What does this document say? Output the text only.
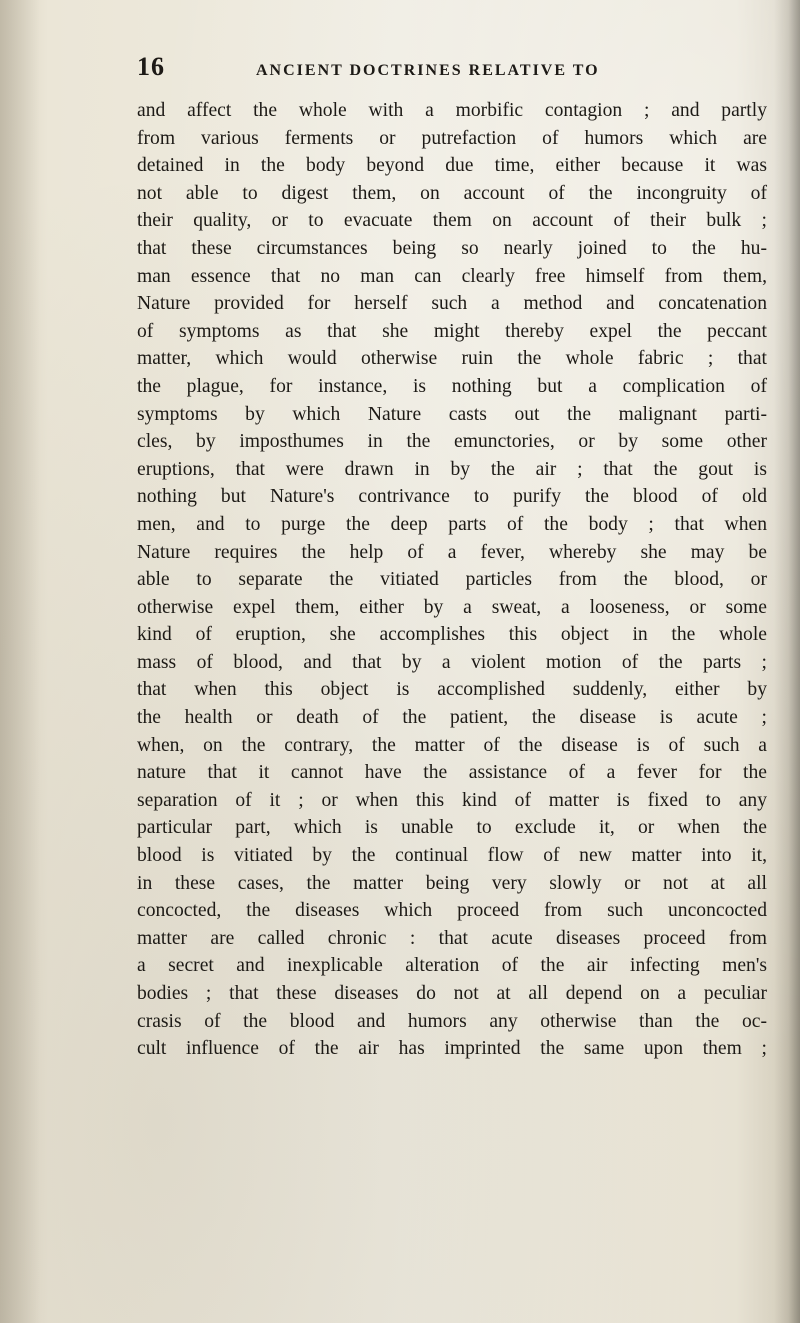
16	ANCIENT DOCTRINES RELATIVE TO
and affect the whole with a morbific contagion ; and partly
from various ferments or putrefaction of humors which are
detained in the body beyond due time, either because it was
not able to digest them, on account of the incongruity of
their quality, or to evacuate them on account of their bulk ;
that these circumstances being so nearly joined to the hu-
man essence that no man can clearly free himself from them,
Nature provided for herself such a method and concatenation
of symptoms as that she might thereby expel the peccant
matter, which would otherwise ruin the whole fabric ; that
the plague, for instance, is nothing but a complication of
symptoms by which Nature casts out the malignant parti-
cles, by imposthumes in the emunctories, or by some other
eruptions, that were drawn in by the air ; that the gout is
nothing but Nature's contrivance to purify the blood of old
men, and to purge the deep parts of the body ; that when
Nature requires the help of a fever, whereby she may be
able to separate the vitiated particles from the blood, or
otherwise expel them, either by a sweat, a looseness, or some
kind of eruption, she accomplishes this object in the whole
mass of blood, and that by a violent motion of the parts ;
that when this object is accomplished suddenly, either by
the health or death of the patient, the disease is acute ;
when, on the contrary, the matter of the disease is of such a
nature that it cannot have the assistance of a fever for the
separation of it ; or when this kind of matter is fixed to any
particular part, which is unable to exclude it, or when the
blood is vitiated by the continual flow of new matter into it,
in these cases, the matter being very slowly or not at all
concocted, the diseases which proceed from such unconcocted
matter are called chronic : that acute diseases proceed from
a secret and inexplicable alteration of the air infecting men's
bodies ; that these diseases do not at all depend on a peculiar
crasis of the blood and humors any otherwise than the oc-
cult influence of the air has imprinted the same upon them ;
